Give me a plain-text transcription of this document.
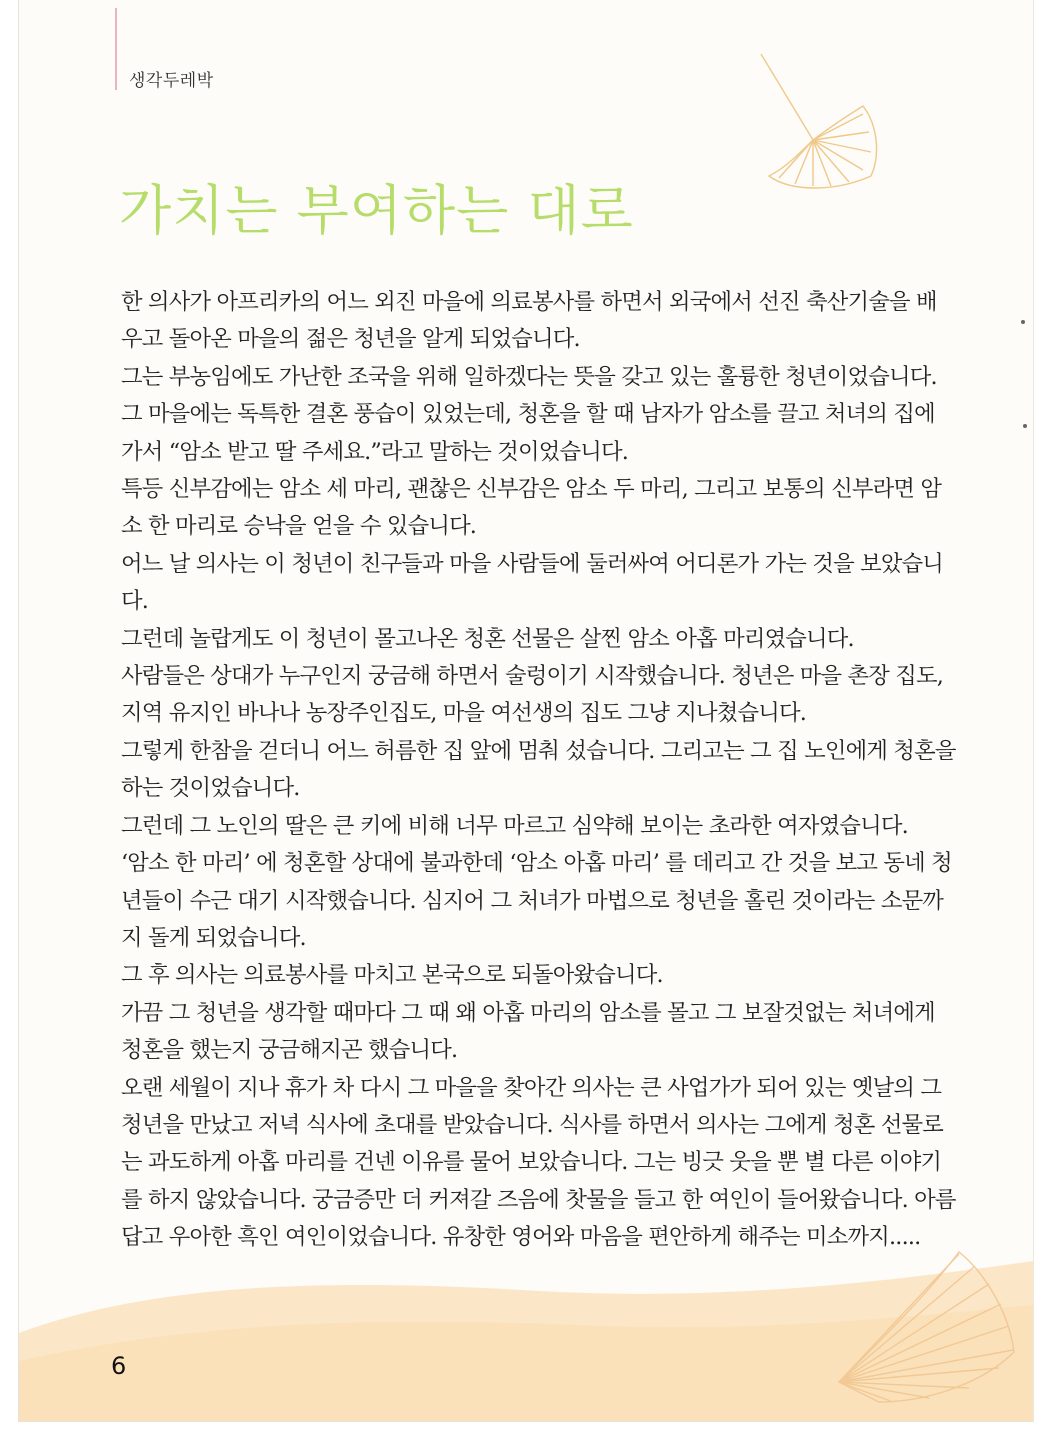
생각두레박
가치는 부여하는 대로

한 의사가 아프리카의 어느 외진 마을에 의료봉사를 하면서 외국에서 선진 축산기술을 배우고 돌아온 마을의 젊은 청년을 알게 되었습니다.

그는 부농임에도 가난한 조국을 위해 일하겠다는 뜻을 갖고 있는 훌륭한 청년이었습니다.

그 마을에는 독특한 결혼 풍습이 있었는데, 청혼을 할 때 남자가 암소를 끌고 처녀의 집에 가서 “암소 받고 딸 주세요.”라고 말하는 것이었습니다.

특등 신부감에는 암소 세 마리, 괜찮은 신부감은 암소 두 마리, 그리고 보통의 신부라면 암소 한 마리로 승낙을 얻을 수 있습니다.

어느 날 의사는 이 청년이 친구들과 마을 사람들에 둘러싸여 어디론가 가는 것을 보았습니다.

그런데 놀랍게도 이 청년이 몰고나온 청혼 선물은 살찐 암소 아홉 마리였습니다.

사람들은 상대가 누구인지 궁금해 하면서 술렁이기 시작했습니다. 청년은 마을 촌장 집도, 지역 유지인 바나나 농장주인집도, 마을 여선생의 집도 그냥 지나쳤습니다.

그렇게 한참을 걷더니 어느 허름한 집 앞에 멈춰 섰습니다. 그리고는 그 집 노인에게 청혼을 하는 것이었습니다.

그런데 그 노인의 딸은 큰 키에 비해 너무 마르고 심약해 보이는 초라한 여자였습니다.

‘암소 한 마리’ 에 청혼할 상대에 불과한데 ‘암소 아홉 마리’ 를 데리고 간 것을 보고 동네 청년들이 수근 대기 시작했습니다. 심지어 그 처녀가 마법으로 청년을 홀린 것이라는 소문까지 돌게 되었습니다.

그 후 의사는 의료봉사를 마치고 본국으로 되돌아왔습니다.

가끔 그 청년을 생각할 때마다 그 때 왜 아홉 마리의 암소를 몰고 그 보잘것없는 처녀에게 청혼을 했는지 궁금해지곤 했습니다.

오랜 세월이 지나 휴가 차 다시 그 마을을 찾아간 의사는 큰 사업가가 되어 있는 옛날의 그 청년을 만났고 저녁 식사에 초대를 받았습니다. 식사를 하면서 의사는 그에게 청혼 선물로는 과도하게 아홉 마리를 건넨 이유를 물어 보았습니다. 그는 빙긋 웃을 뿐 별 다른 이야기를 하지 않았습니다. 궁금증만 더 커져갈 즈음에 찻물을 들고 한 여인이 들어왔습니다. 아름답고 우아한 흑인 여인이었습니다. 유창한 영어와 마음을 편안하게 해주는 미소까지.....

6
